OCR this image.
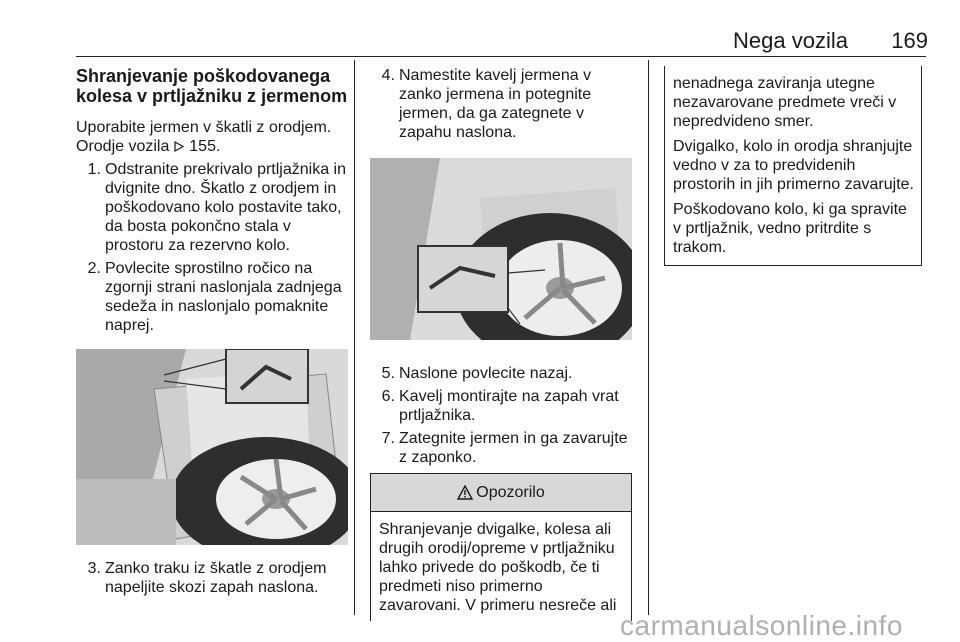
Nega vozila 169
Shranjevanje poškodovanega
kolesa v prtljažniku z jermenom

Uporabite jermen v škatli z orodjem.
Orodje vozila 155.

1. Odstranite prekrivalo prtljažnika in dvignite dno. Škatlo z orodjem in poškodovano kolo postavite tako, da bosta pokončno stala v prostoru za rezervno kolo.
2. Povlecite sprostilno ročico na zgornji strani naslonjala zadnjega sedeža in naslonjalo pomaknite naprej.
3. Zanko traku iz škatle z orodjem napeljite skozi zapah naslona.
4. Namestite kavelj jermena v zanko jermena in potegnite jermen, da ga zategnete v zapahu naslona.
5. Naslone povlecite nazaj.
6. Kavelj montirajte na zapah vrat prtljažnika.
7. Zategnite jermen in ga zavarujte z zaponko.
Opozorilo
Shranjevanje dvigalke, kolesa ali drugih orodij/opreme v prtljažniku lahko privede do poškodb, če ti predmeti niso primerno zavarovani. V primeru nesreče ali

nenadnega zaviranja utegne nezavarovane predmete vreči v nepredvideno smer.

Dvigalko, kolo in orodja shranjujte vedno v za to predvidenih prostorih in jih primerno zavarujte.

Poškodovano kolo, ki ga spravite v prtljažnik, vedno pritrdite s trakom.

carmanualsonline.info
